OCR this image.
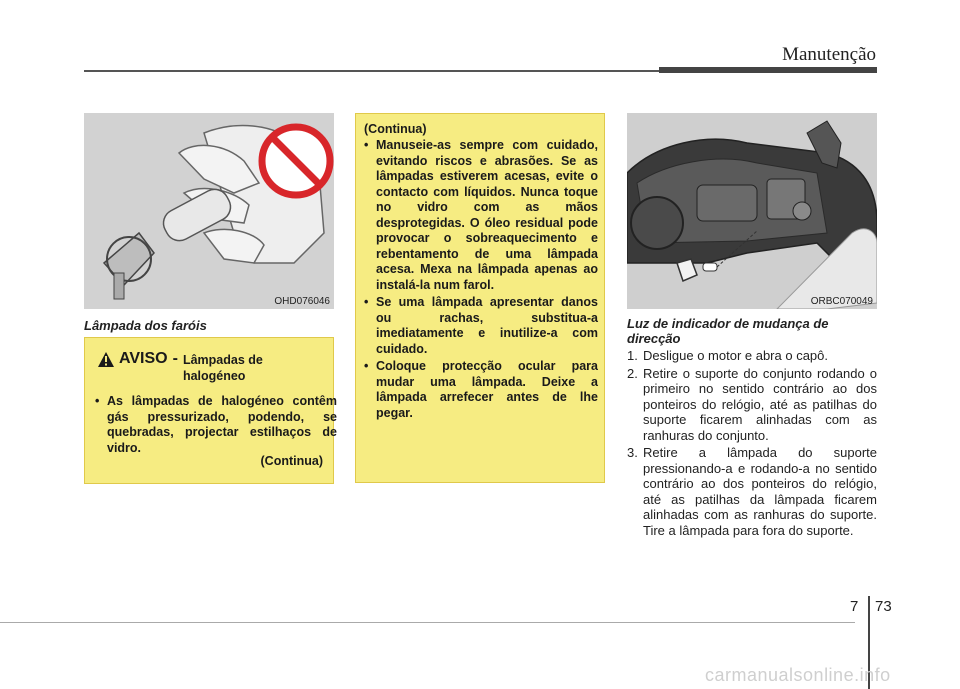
Manutenção
OHD076046
Lâmpada dos faróis
AVISO - Lâmpadas de
halogéneo
• As lâmpadas de halogéneo contêm gás pressurizado, podendo, se quebradas, projectar estilhaços de vidro.
(Continua)
(Continua)
• Manuseie-as sempre com cuidado, evitando riscos e abrasões. Se as lâmpadas estiverem acesas, evite o contacto com líquidos. Nunca toque no vidro com as mãos desprotegidas. O óleo residual pode provocar o sobreaquecimento e rebentamento de uma lâmpada acesa. Mexa na lâmpada apenas ao instalá-la num farol.
• Se uma lâmpada apresentar danos ou rachas, substitua-a imediatamente e inutilize-a com cuidado.
• Coloque protecção ocular para mudar uma lâmpada. Deixe a lâmpada arrefecer antes de lhe pegar.
ORBC070049
Luz de indicador de mudança de direcção
1. Desligue o motor e abra o capô.
2. Retire o suporte do conjunto rodando o primeiro no sentido contrário ao dos ponteiros do relógio, até as patilhas do suporte ficarem alinhadas com as ranhuras do conjunto.
3. Retire a lâmpada do suporte pressionando-a e rodando-a no sentido contrário ao dos ponteiros do relógio, até as patilhas da lâmpada ficarem alinhadas com as ranhuras do suporte. Tire a lâmpada para fora do suporte.
7 73
carmanualsonline.info
